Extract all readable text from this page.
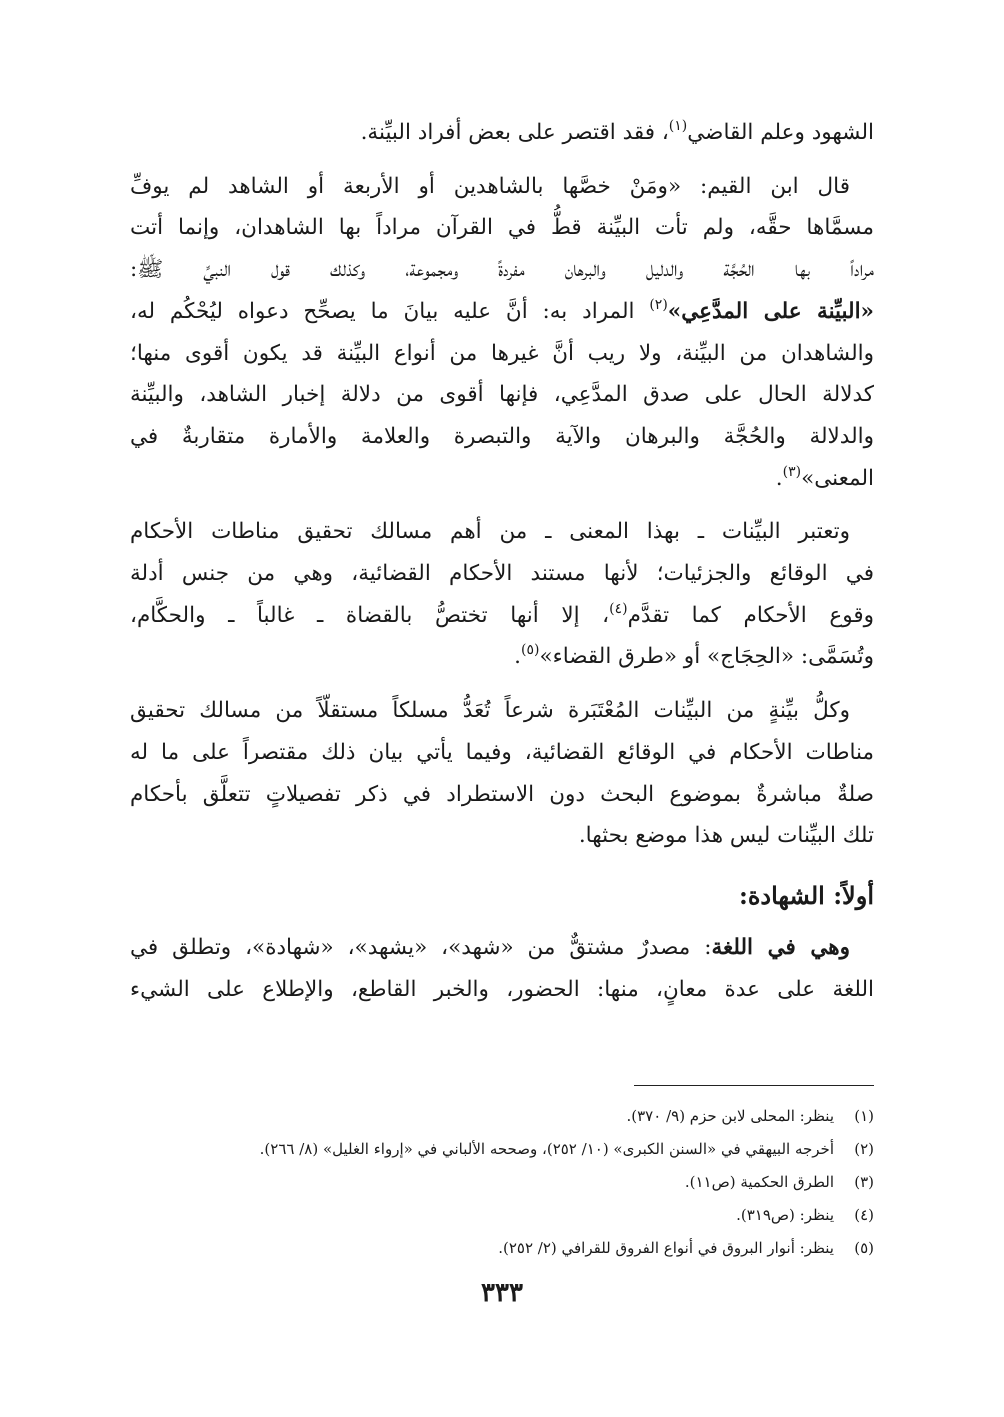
الشهود وعلم القاضي$^{(١)}$، فقد اقتصر على بعض أفراد البيِّنة.

قال ابن القيم: «ومَنْ خصَّها بالشاهدين أو الأربعة أو الشاهد لم يوفِّ
مسمَّاها حقَّه، ولم تأت البيِّنة قطُّ في القرآن مراداً بها الشاهدان، وإنما أتت
مراداً بها الحُجَّة والدليل والبرهان مفردةً ومجموعة، وكذلك قول النبيِّ ﷺ:
«البيِّنة على المدَّعِي»$^{(٢)}$ المراد به: أنَّ عليه بيانَ ما يصحِّح دعواه ليُحْكُم له،
والشاهدان من البيِّنة، ولا ريب أنَّ غيرها من أنواع البيِّنة قد يكون أقوى منها؛
كدلالة الحال على صدق المدَّعِي، فإنها أقوى من دلالة إخبار الشاهد، والبيِّنة
والدلالة والحُجَّة والبرهان والآية والتبصرة والعلامة والأمارة متقاربةٌ في
المعنى»$^{(٣)}$.
وتعتبر البيِّنات ـ بهذا المعنى ـ من أهم مسالك تحقيق مناطات الأحكام
في الوقائع والجزئيات؛ لأنها مستند الأحكام القضائية، وهي من جنس أدلة
وقوع الأحكام كما تقدَّم$^{(٤)}$، إلا أنها تختصُّ بالقضاة ـ غالباً ـ والحكَّام،
وتُسَمَّى: «الحِجَاج» أو «طرق القضاء»$^{(٥)}$.
وكلُّ بيِّنةٍ من البيِّنات المُعْتَبَرة شرعاً تُعَدُّ مسلكاً مستقلّاً من مسالك تحقيق
مناطات الأحكام في الوقائع القضائية، وفيما يأتي بيان ذلك مقتصراً على ما له
صلةٌ مباشرةٌ بموضوع البحث دون الاستطراد في ذكر تفصيلاتٍ تتعلَّق بأحكام
تلك البيِّنات ليس هذا موضع بحثها.
أولاً: الشهادة:
وهي في اللغة: مصدرٌ مشتقٌّ من «شهد»، «يشهد»، «شهادة»، وتطلق في
اللغة على عدة معانٍ، منها: الحضور، والخبر القاطع، والإطلاع على الشيء
(١)
ينظر: المحلى لابن حزم (٩/ ٣٧٠).
(٢)
أخرجه البيهقي في «السنن الكبرى» (١٠/ ٢٥٢)، وصححه الألباني في «إرواء الغليل» (٨/ ٢٦٦).
(٣)
الطرق الحكمية (ص١١).
(٤)
ينظر: (ص٣١٩).
(٥)
ينظر: أنوار البروق في أنواع الفروق للقرافي (٢/ ٢٥٢).
٣٣٣
